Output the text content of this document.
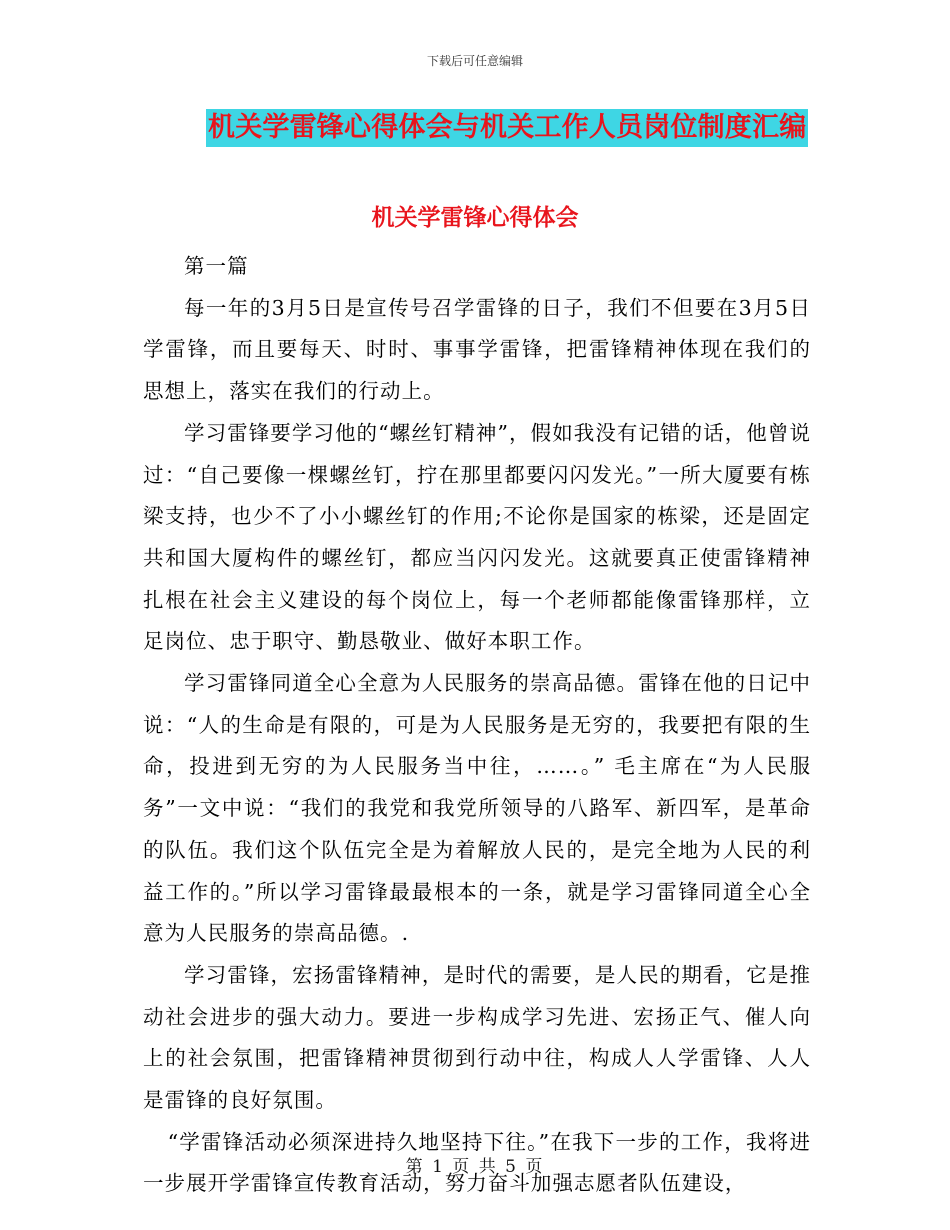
下载后可任意编辑
机关学雷锋心得体会与机关工作人员岗位制度汇编
机关学雷锋心得体会

第一篇

每一年的3月5日是宣传号召学雷锋的日子，我们不但要在3月5日学雷锋，而且要每天、时时、事事学雷锋，把雷锋精神体现在我们的思想上，落实在我们的行动上。

学习雷锋要学习他的“螺丝钉精神”，假如我没有记错的话，他曾说过：“自己要像一棵螺丝钉，拧在那里都要闪闪发光。”一所大厦要有栋梁支持，也少不了小小螺丝钉的作用;不论你是国家的栋梁，还是固定共和国大厦构件的螺丝钉，都应当闪闪发光。这就要真正使雷锋精神扎根在社会主义建设的每个岗位上，每一个老师都能像雷锋那样，立足岗位、忠于职守、勤恳敬业、做好本职工作。

学习雷锋同道全心全意为人民服务的崇高品德。雷锋在他的日记中说：“人的生命是有限的，可是为人民服务是无穷的，我要把有限的生命，投进到无穷的为人民服务当中往，……。” 毛主席在“为人民服务”一文中说：“我们的我党和我党所领导的八路军、新四军，是革命的队伍。我们这个队伍完全是为着解放人民的，是完全地为人民的利益工作的。”所以学习雷锋最最根本的一条，就是学习雷锋同道全心全意为人民服务的崇高品德。.

学习雷锋，宏扬雷锋精神，是时代的需要，是人民的期看，它是推动社会进步的强大动力。要进一步构成学习先进、宏扬正气、催人向上的社会氛围，把雷锋精神贯彻到行动中往，构成人人学雷锋、人人是雷锋的良好氛围。

“学雷锋活动必须深进持久地坚持下往。”在我下一步的工作，我将进一步展开学雷锋宣传教育活动，努力奋斗加强志愿者队伍建设，

第 1 页 共 5 页
